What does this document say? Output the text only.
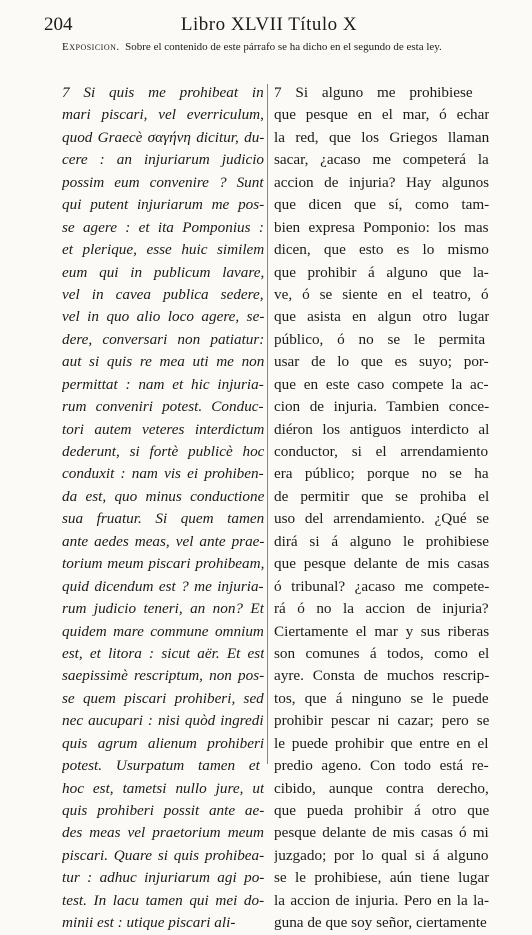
204	Libro XLVII Título X
Exposicion. Sobre el contenido de este párrafo se ha dicho en el segundo de esta ley.
7 Si quis me prohibeat in
mari piscari, vel everriculum,
quod Graecè σαγήνη dicitur, du-
cere : an injuriarum judicio
possim eum convenire ? Sunt
qui putent injuriarum me pos-
se agere : et ita Pomponius :
et plerique, esse huic similem
eum qui in publicum lavare,
vel in cavea publica sedere,
vel in quo alio loco agere, se-
dere, conversari non patiatur:
aut si quis re mea uti me non
permittat : nam et hic injuria-
rum conveniri potest. Conduc-
tori autem veteres interdictum
dederunt, si fortè publicè hoc
conduxit : nam vis ei prohiben-
da est, quo minus conductione
sua fruatur. Si quem tamen
ante aedes meas, vel ante prae-
torium meum piscari prohibeam,
quid dicendum est ? me injuria-
rum judicio teneri, an non? Et
quidem mare commune omnium
est, et litora : sicut aër. Et est
saepissimè rescriptum, non pos-
se quem piscari prohiberi, sed
nec aucupari : nisi quòd ingredi
quis agrum alienum prohiberi
potest. Usurpatum tamen et
hoc est, tametsi nullo jure, ut
quis prohiberi possit ante ae-
des meas vel praetorium meum
piscari. Quare si quis prohibea-
tur : adhuc injuriarum agi po-
test. In lacu tamen qui mei do-
minii est : utique piscari ali-
7 Si alguno me prohibiese
que pesque en el mar, ó echar
la red, que los Griegos llaman
sacar, ¿acaso me competerá la
accion de injuria? Hay algunos
que dicen que sí, como tam-
bien expresa Pomponio: los mas
dicen, que esto es lo mismo
que prohibir á alguno que la-
ve, ó se siente en el teatro, ó
que asista en algun otro lugar
público, ó no se le permita
usar de lo que es suyo; por-
que en este caso compete la ac-
cion de injuria. Tambien conce-
diéron los antiguos interdicto al
conductor, si el arrendamiento
era público; porque no se ha
de permitir que se prohiba el
uso del arrendamiento. ¿Qué se
dirá si á alguno le prohibiese
que pesque delante de mis casas
ó tribunal? ¿acaso me compete-
rá ó no la accion de injuria?
Ciertamente el mar y sus riberas
son comunes á todos, como el
ayre. Consta de muchos rescrip-
tos, que á ninguno se le puede
prohibir pescar ni cazar; pero se
le puede prohibir que entre en el
predio ageno. Con todo está re-
cibido, aunque contra derecho,
que pueda prohibir á otro que
pesque delante de mis casas ó mi
juzgado; por lo qual si á alguno
se le prohibiese, aún tiene lugar
la accion de injuria. Pero en la la-
guna de que soy señor, ciertamente
